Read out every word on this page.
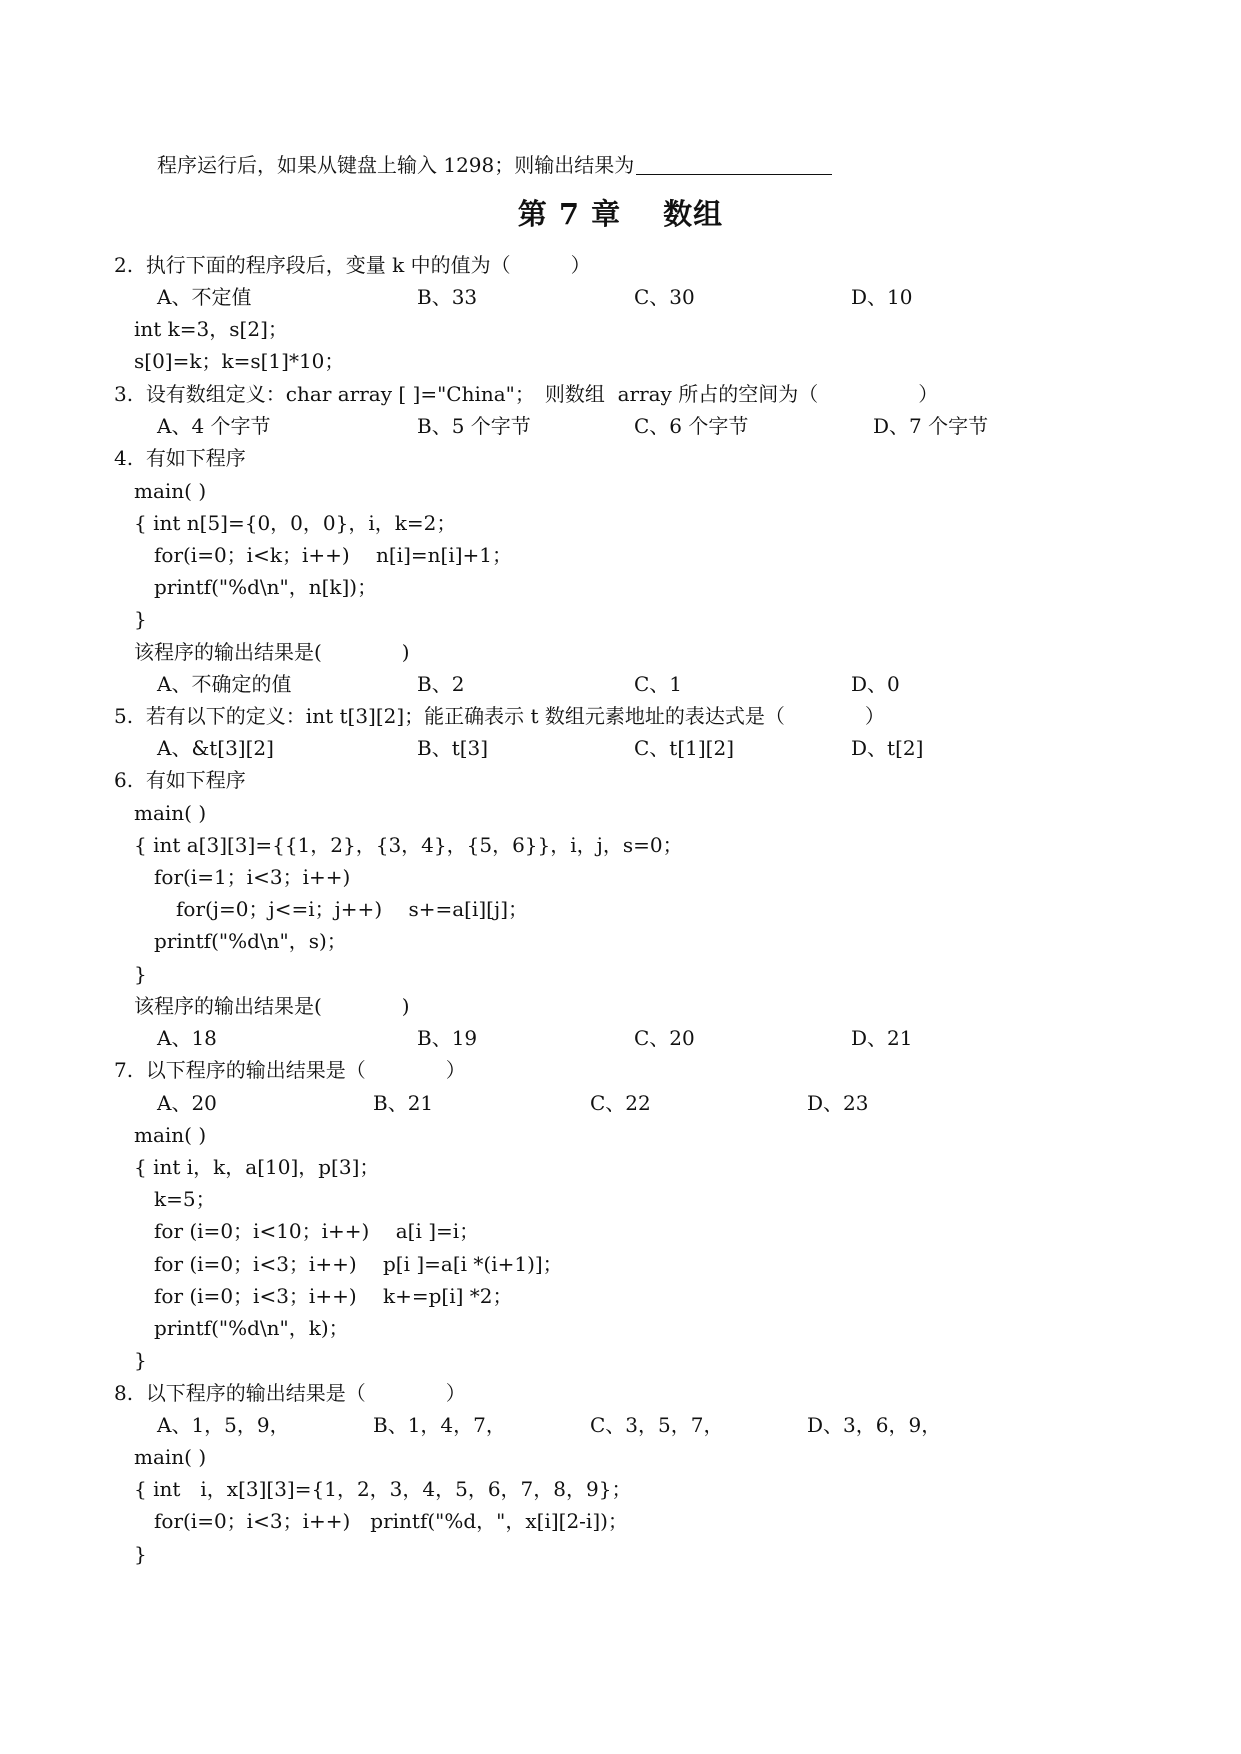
程序运行后，如果从键盘上输入 1298；则输出结果为
第 7 章 数组
2. 执行下面的程序段后，变量 k 中的值为（　　　）
A、不定值	B、33	C、30	D、10
int k=3，s[2]；
s[0]=k；k=s[1]*10；
3. 设有数组定义：char array [ ]="China"；　则数组  array 所占的空间为（　　　　　）
A、4 个字节	B、5 个字节	C、6 个字节	D、7 个字节
4. 有如下程序
main( )
{ int n[5]={0，0，0}，i，k=2；
for(i=0；i<k；i++)　 n[i]=n[i]+1；
printf("%d\n"，n[k])；
}
该程序的输出结果是(　　　　)
A、不确定的值	B、2	C、1	D、0
5. 若有以下的定义：int t[3][2]；能正确表示 t 数组元素地址的表达式是（　　　　）
A、&t[3][2]	B、t[3]	C、t[1][2]	D、t[2]
6. 有如下程序
main( )
{ int a[3][3]={{1，2}，{3，4}，{5，6}}，i，j，s=0；
for(i=1；i<3；i++)
for(j=0；j<=i；j++)　 s+=a[i][j]；
printf("%d\n"，s)；
}
该程序的输出结果是(　　　　)
A、18	B、19	C、20	D、21
7. 以下程序的输出结果是（　　　　）
A、20	B、21	C、22	D、23
main( )
{ int i，k，a[10]，p[3]；
k=5；
for (i=0；i<10；i++)　 a[i ]=i；
for (i=0；i<3；i++)　 p[i ]=a[i *(i+1)]；
for (i=0；i<3；i++)　 k+=p[i] *2；
printf("%d\n"，k)；
}
8. 以下程序的输出结果是（　　　　）
A、1，5，9，	B、1，4，7，	C、3，5，7，	D、3，6，9，
main( )
{ int　i，x[3][3]={1，2，3，4，5，6，7，8，9}；
for(i=0；i<3；i++)　printf("%d，"，x[i][2-i])；
}
